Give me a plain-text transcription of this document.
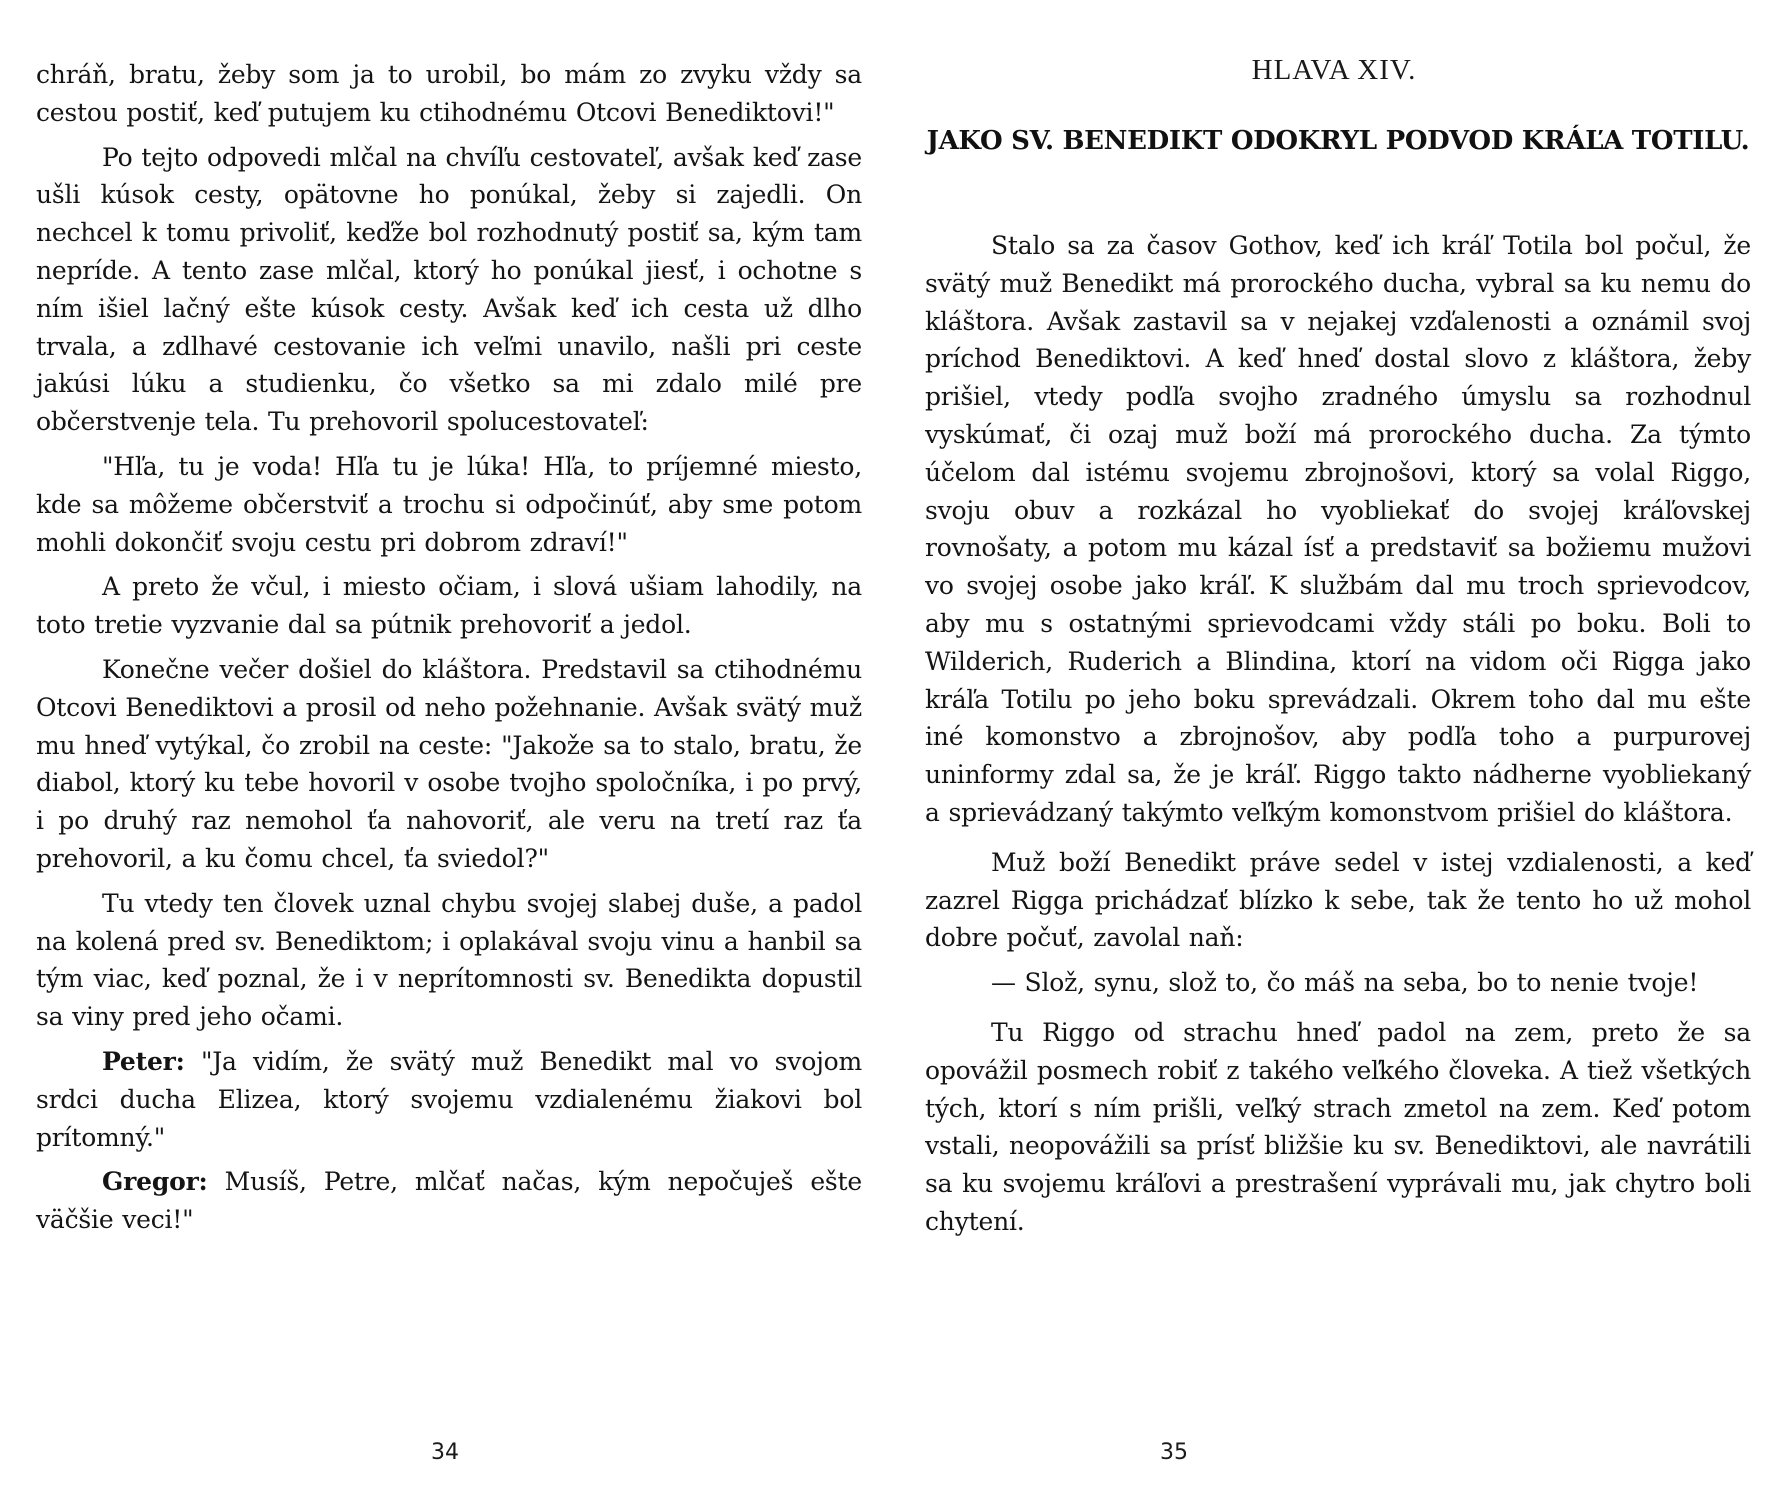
chráň, bratu, žeby som ja to urobil, bo mám zo zvyku vždy sa cestou postiť, keď putujem ku ctihodnému Otcovi Benediktovi!"

Po tejto odpovedi mlčal na chvíľu cestovateľ, avšak keď zase ušli kúsok cesty, opätovne ho ponúkal, žeby si zajedli. On nechcel k tomu privoliť, keďže bol rozhodnutý postiť sa, kým tam nepríde. A tento zase mlčal, ktorý ho ponúkal jiesť, i ochotne s ním išiel lačný ešte kúsok cesty. Avšak keď ich cesta už dlho trvala, a zdlhavé cestovanie ich veľmi unavilo, našli pri ceste jakúsi lúku a studienku, čo všetko sa mi zdalo milé pre občerstvenje tela. Tu prehovoril spolucestovateľ:

"Hľa, tu je voda! Hľa tu je lúka! Hľa, to príjemné miesto, kde sa môžeme občerstviť a trochu si odpočinúť, aby sme potom mohli dokončiť svoju cestu pri dobrom zdraví!"

A preto že včul, i miesto očiam, i slová ušiam lahodily, na toto tretie vyzvanie dal sa pútnik prehovoriť a jedol.

Konečne večer došiel do kláštora. Predstavil sa ctihodnému Otcovi Benediktovi a prosil od neho požehnanie. Avšak svätý muž mu hneď vytýkal, čo zrobil na ceste: "Jakože sa to stalo, bratu, že diabol, ktorý ku tebe hovoril v osobe tvojho spoločníka, i po prvý, i po druhý raz nemohol ťa nahovoriť, ale veru na tretí raz ťa prehovoril, a ku čomu chcel, ťa sviedol?"

Tu vtedy ten človek uznal chybu svojej slabej duše, a padol na kolená pred sv. Benediktom; i oplakával svoju vinu a hanbil sa tým viac, keď poznal, že i v neprítomnosti sv. Benedikta dopustil sa viny pred jeho očami.

Peter: "Ja vidím, že svätý muž Benedikt mal vo svojom srdci ducha Elizea, ktorý svojemu vzdialenému žiakovi bol prítomný."

Gregor: Musíš, Petre, mlčať načas, kým nepočuješ ešte väčšie veci!"

34
HLAVA XIV.
JAKO SV. BENEDIKT ODOKRYL PODVOD KRÁĽA TOTILU.

Stalo sa za časov Gothov, keď ich kráľ Totila bol počul, že svätý muž Benedikt má prorockého ducha, vybral sa ku nemu do kláštora. Avšak zastavil sa v nejakej vzďalenosti a oznámil svoj príchod Benediktovi. A keď hneď dostal slovo z kláštora, žeby prišiel, vtedy podľa svojho zradného úmyslu sa rozhodnul vyskúmať, či ozaj muž boží má prorockého ducha. Za týmto účelom dal istému svojemu zbrojnošovi, ktorý sa volal Riggo, svoju obuv a rozkázal ho vyobliekať do svojej kráľovskej rovnošaty, a potom mu kázal ísť a predstaviť sa božiemu mužovi vo svojej osobe jako kráľ. K službám dal mu troch sprievodcov, aby mu s ostatnými sprievodcami vždy stáli po boku. Boli to Wilderich, Ruderich a Blindina, ktorí na vidom oči Rigga jako kráľa Totilu po jeho boku sprevádzali. Okrem toho dal mu ešte iné komonstvo a zbrojnošov, aby podľa toho a purpurovej uninformy zdal sa, že je kráľ. Riggo takto nádherne vyobliekaný a sprievádzaný takýmto veľkým komonstvom prišiel do kláštora.

Muž boží Benedikt práve sedel v istej vzdialenosti, a keď zazrel Rigga prichádzať blízko k sebe, tak že tento ho už mohol dobre počuť, zavolal naň:

— Slož, synu, slož to, čo máš na seba, bo to nenie tvoje!

Tu Riggo od strachu hneď padol na zem, preto že sa opovážil posmech robiť z takého veľkého človeka. A tiež všetkých tých, ktorí s ním prišli, veľký strach zmetol na zem. Keď potom vstali, neopovážili sa prísť bližšie ku sv. Benediktovi, ale navrátili sa ku svojemu kráľovi a prestrašení vyprávali mu, jak chytro boli chytení.

35
